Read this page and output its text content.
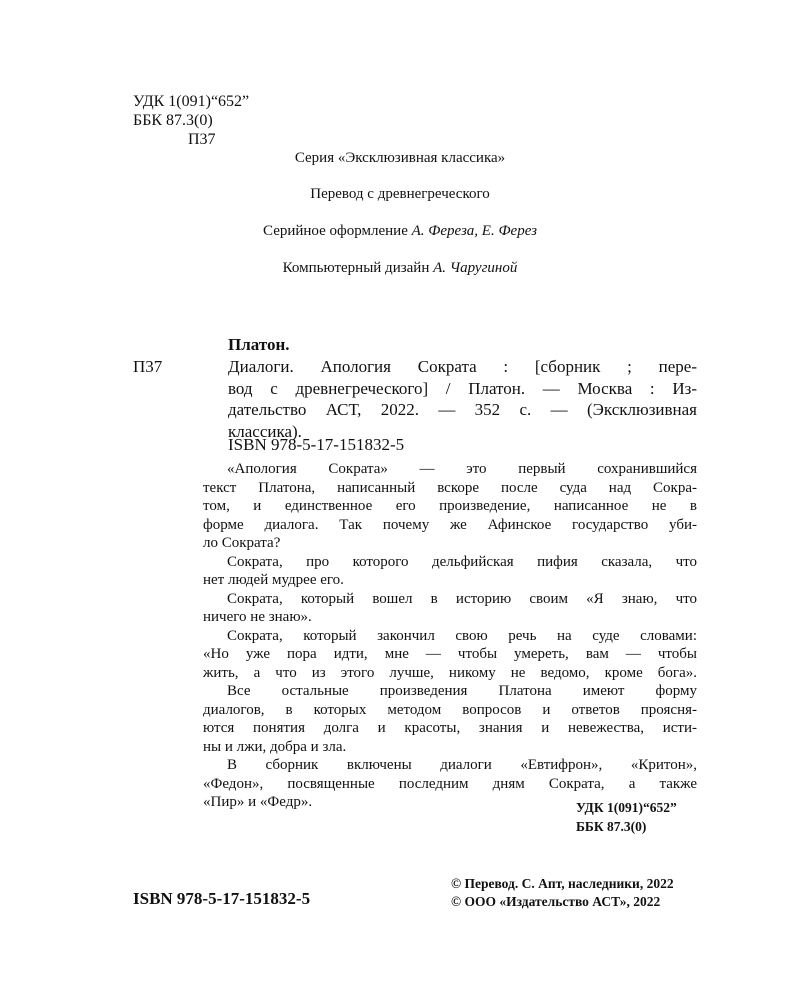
УДК 1(091)“652”
ББК 87.3(0)
П37
Серия «Эксклюзивная классика»
Перевод с древнегреческого
Серийное оформление А. Фереза, Е. Ферез
Компьютерный дизайн А. Чаругиной
Платон.
П37	Диалоги. Апология Сократа : [сборник ; пере-
вод с древнегреческого] / Платон. — Москва : Из-
дательство АСТ, 2022. — 352 с. — (Эксклюзивная
классика).
ISBN 978-5-17-151832-5
«Апология Сократа» — это первый сохранившийся
текст Платона, написанный вскоре после суда над Сокра-
том, и единственное его произведение, написанное не в
форме диалога. Так почему же Афинское государство уби-
ло Сократа?
Сократа, про которого дельфийская пифия сказала, что
нет людей мудрее его.
Сократа, который вошел в историю своим «Я знаю, что
ничего не знаю».
Сократа, который закончил свою речь на суде словами:
«Но уже пора идти, мне — чтобы умереть, вам — чтобы
жить, а что из этого лучше, никому не ведомо, кроме бога».
Все остальные произведения Платона имеют форму
диалогов, в которых методом вопросов и ответов проясня-
ются понятия долга и красоты, знания и невежества, исти-
ны и лжи, добра и зла.
В сборник включены диалоги «Евтифрон», «Критон»,
«Федон», посвященные последним дням Сократа, а также
«Пир» и «Федр».	УДК 1(091)“652”
ББК 87.3(0)
ISBN 978-5-17-151832-5
© Перевод. С. Апт, наследники, 2022
© ООО «Издательство АСТ», 2022
